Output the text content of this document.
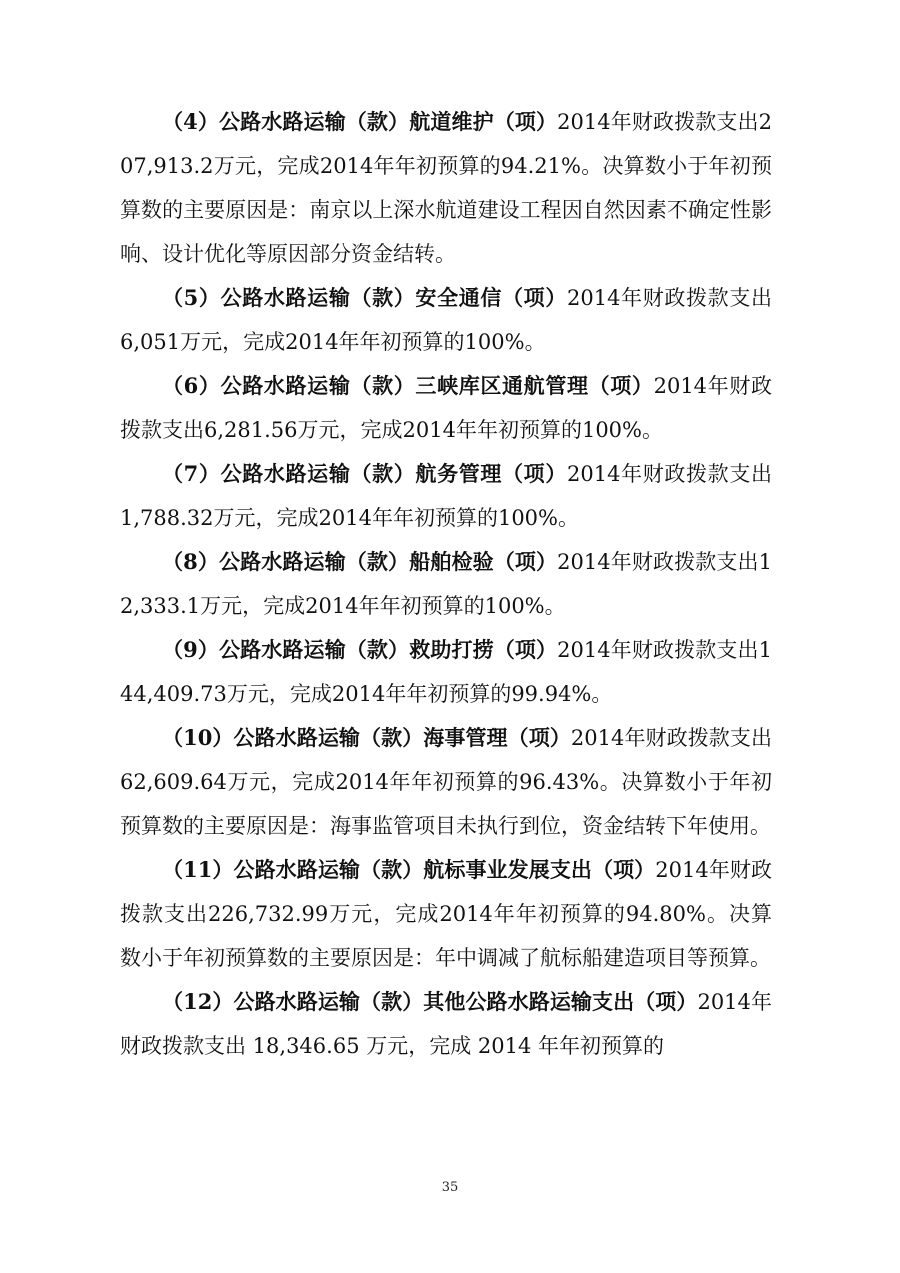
（4）公路水路运输（款）航道维护（项）2014年财政拨款支出207,913.2万元，完成2014年年初预算的94.21%。决算数小于年初预算数的主要原因是：南京以上深水航道建设工程因自然因素不确定性影响、设计优化等原因部分资金结转。

（5）公路水路运输（款）安全通信（项）2014年财政拨款支出6,051万元，完成2014年年初预算的100%。

（6）公路水路运输（款）三峡库区通航管理（项）2014年财政拨款支出6,281.56万元，完成2014年年初预算的100%。

（7）公路水路运输（款）航务管理（项）2014年财政拨款支出1,788.32万元，完成2014年年初预算的100%。

（8）公路水路运输（款）船舶检验（项）2014年财政拨款支出12,333.1万元，完成2014年年初预算的100%。

（9）公路水路运输（款）救助打捞（项）2014年财政拨款支出144,409.73万元，完成2014年年初预算的99.94%。

（10）公路水路运输（款）海事管理（项）2014年财政拨款支出62,609.64万元，完成2014年年初预算的96.43%。决算数小于年初预算数的主要原因是：海事监管项目未执行到位，资金结转下年使用。

（11）公路水路运输（款）航标事业发展支出（项）2014年财政拨款支出226,732.99万元，完成2014年年初预算的94.80%。决算数小于年初预算数的主要原因是：年中调减了航标船建造项目等预算。

（12）公路水路运输（款）其他公路水路运输支出（项）2014年财政拨款支出 18,346.65 万元，完成 2014 年年初预算的

35
